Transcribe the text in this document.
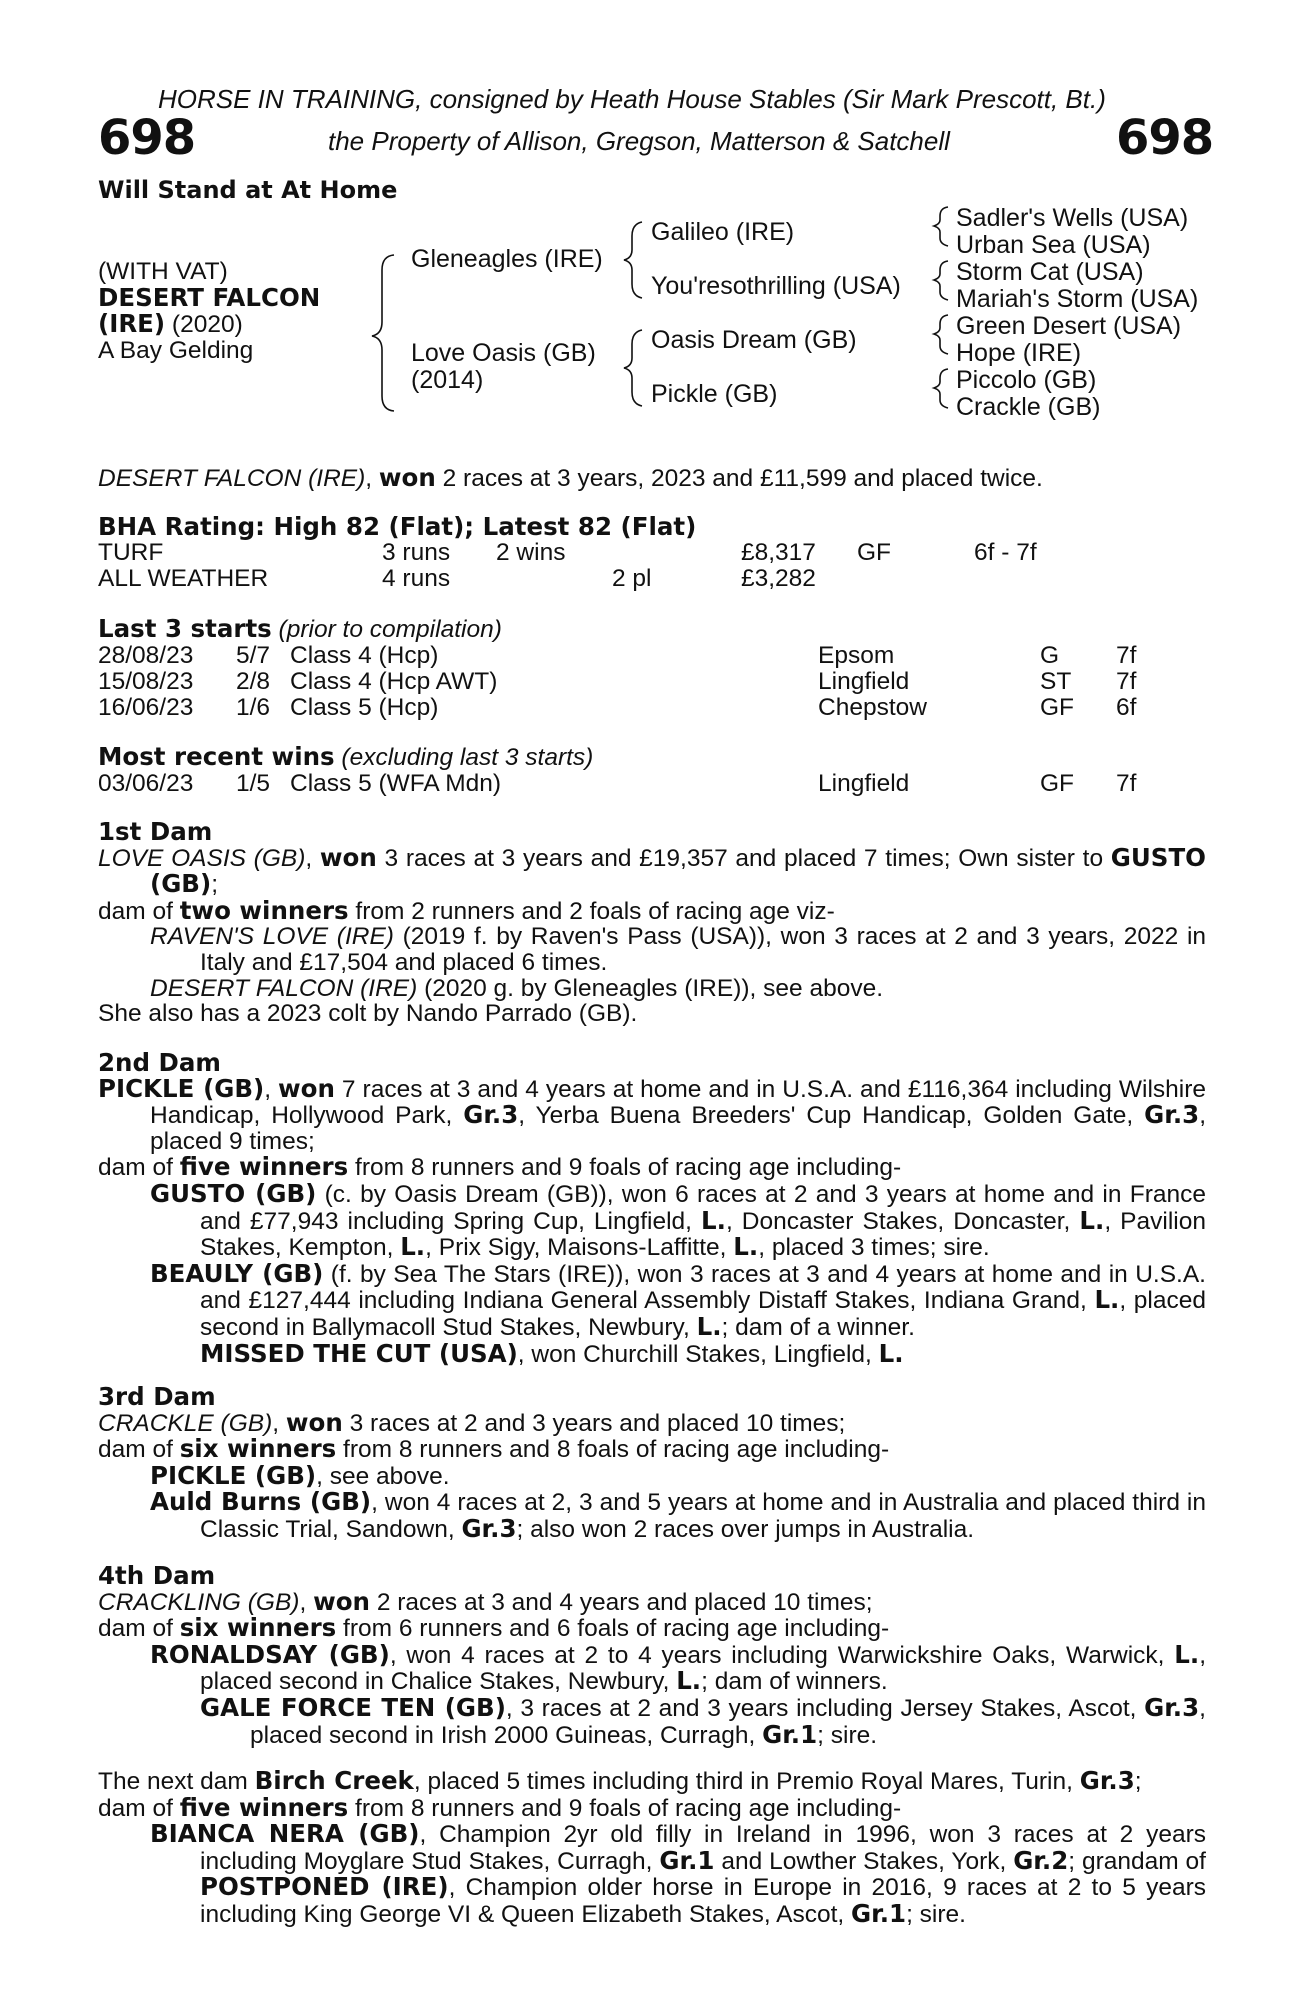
HORSE IN TRAINING, consigned by Heath House Stables (Sir Mark Prescott, Bt.)
698	the Property of Allison, Gregson, Matterson & Satchell	698
Will Stand at At Home
(WITH VAT)
DESERT FALCON
(IRE) (2020)
A Bay Gelding
Gleneagles (IRE)
Love Oasis (GB)
(2014)
Galileo (IRE)
You'resothrilling (USA)
Oasis Dream (GB)
Pickle (GB)
Sadler's Wells (USA)
Urban Sea (USA)
Storm Cat (USA)
Mariah's Storm (USA)
Green Desert (USA)
Hope (IRE)
Piccolo (GB)
Crackle (GB)
DESERT FALCON (IRE), won 2 races at 3 years, 2023 and £11,599 and placed twice.
BHA Rating: High 82 (Flat); Latest 82 (Flat)
TURF	3 runs 2 wins	£8,317 GF	6f - 7f
ALL WEATHER	4 runs	2 pl	£3,282
Last 3 starts (prior to compilation)
28/08/23 5/7 Class 4 (Hcp)	Epsom	G 7f
15/08/23 2/8 Class 4 (Hcp AWT)	Lingfield	ST 7f
16/06/23 1/6 Class 5 (Hcp)	Chepstow	GF 6f
Most recent wins (excluding last 3 starts)
03/06/23 1/5 Class 5 (WFA Mdn)	Lingfield	GF 7f

1st Dam

LOVE OASIS (GB), won 3 races at 3 years and £19,357 and placed 7 times; Own sister to GUSTO (GB);

dam of two winners from 2 runners and 2 foals of racing age viz-

RAVEN'S LOVE (IRE) (2019 f. by Raven's Pass (USA)), won 3 races at 2 and 3 years, 2022 in Italy and £17,504 and placed 6 times.

DESERT FALCON (IRE) (2020 g. by Gleneagles (IRE)), see above.

She also has a 2023 colt by Nando Parrado (GB).

2nd Dam

PICKLE (GB), won 7 races at 3 and 4 years at home and in U.S.A. and £116,364 including Wilshire Handicap, Hollywood Park, Gr.3, Yerba Buena Breeders' Cup Handicap, Golden Gate, Gr.3, placed 9 times;

dam of five winners from 8 runners and 9 foals of racing age including-

GUSTO (GB) (c. by Oasis Dream (GB)), won 6 races at 2 and 3 years at home and in France and £77,943 including Spring Cup, Lingfield, L., Doncaster Stakes, Doncaster, L., Pavilion Stakes, Kempton, L., Prix Sigy, Maisons-Laffitte, L., placed 3 times; sire.

BEAULY (GB) (f. by Sea The Stars (IRE)), won 3 races at 3 and 4 years at home and in U.S.A. and £127,444 including Indiana General Assembly Distaff Stakes, Indiana Grand, L., placed second in Ballymacoll Stud Stakes, Newbury, L.; dam of a winner.

MISSED THE CUT (USA), won Churchill Stakes, Lingfield, L.

3rd Dam

CRACKLE (GB), won 3 races at 2 and 3 years and placed 10 times;

dam of six winners from 8 runners and 8 foals of racing age including-

PICKLE (GB), see above.

Auld Burns (GB), won 4 races at 2, 3 and 5 years at home and in Australia and placed third in Classic Trial, Sandown, Gr.3; also won 2 races over jumps in Australia.

4th Dam

CRACKLING (GB), won 2 races at 3 and 4 years and placed 10 times;

dam of six winners from 6 runners and 6 foals of racing age including-

RONALDSAY (GB), won 4 races at 2 to 4 years including Warwickshire Oaks, Warwick, L., placed second in Chalice Stakes, Newbury, L.; dam of winners.

GALE FORCE TEN (GB), 3 races at 2 and 3 years including Jersey Stakes, Ascot, Gr.3, placed second in Irish 2000 Guineas, Curragh, Gr.1; sire.

The next dam Birch Creek, placed 5 times including third in Premio Royal Mares, Turin, Gr.3;

dam of five winners from 8 runners and 9 foals of racing age including-

BIANCA NERA (GB), Champion 2yr old filly in Ireland in 1996, won 3 races at 2 years including Moyglare Stud Stakes, Curragh, Gr.1 and Lowther Stakes, York, Gr.2; grandam of POSTPONED (IRE), Champion older horse in Europe in 2016, 9 races at 2 to 5 years including King George VI & Queen Elizabeth Stakes, Ascot, Gr.1; sire.
